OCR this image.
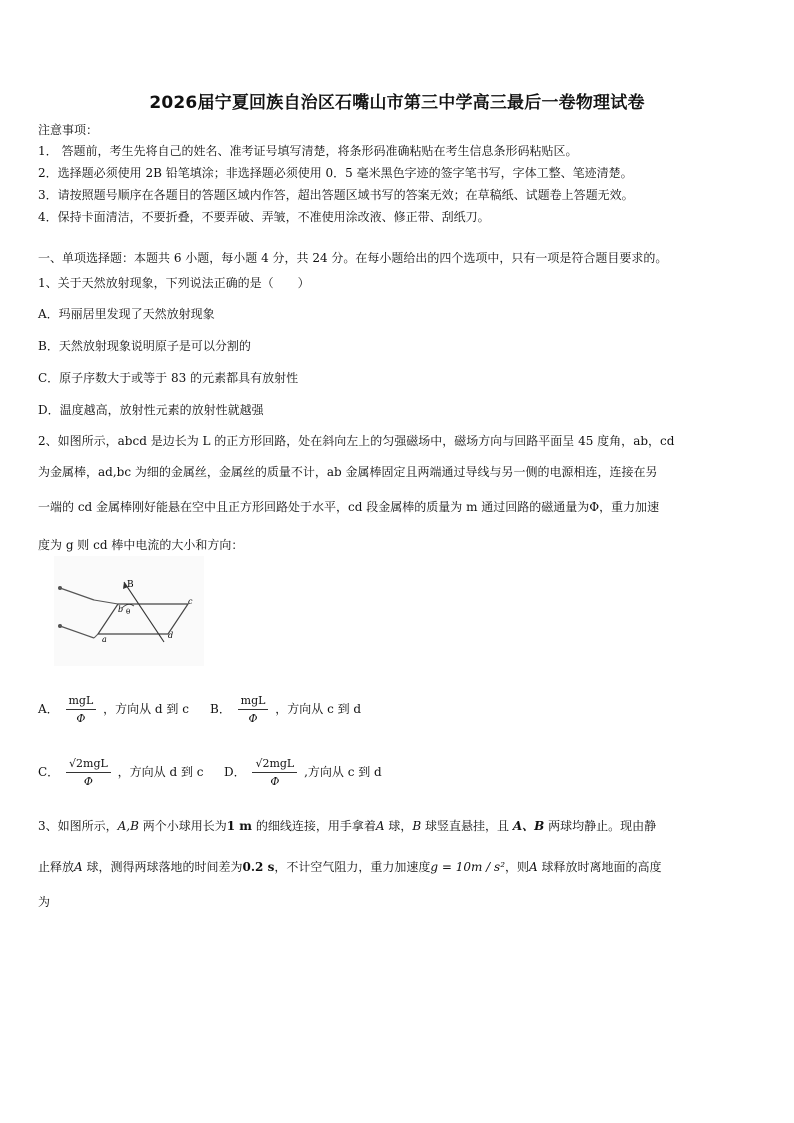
2026届宁夏回族自治区石嘴山市第三中学高三最后一卷物理试卷
注意事项：
1． 答题前，考生先将自己的姓名、准考证号填写清楚，将条形码准确粘贴在考生信息条形码粘贴区。
2．选择题必须使用 2B 铅笔填涂；非选择题必须使用 0．5 毫米黑色字迹的签字笔书写，字体工整、笔迹清楚。
3．请按照题号顺序在各题目的答题区域内作答，超出答题区域书写的答案无效；在草稿纸、试题卷上答题无效。
4．保持卡面清洁，不要折叠，不要弄破、弄皱，不准使用涂改液、修正带、刮纸刀。
一、单项选择题：本题共 6 小题，每小题 4 分，共 24 分。在每小题给出的四个选项中，只有一项是符合题目要求的。
1、关于天然放射现象，下列说法正确的是（　　）
A．玛丽居里发现了天然放射现象
B．天然放射现象说明原子是可以分割的
C．原子序数大于或等于 83 的元素都具有放射性
D．温度越高，放射性元素的放射性就越强
2、如图所示，abcd 是边长为 L 的正方形回路，处在斜向左上的匀强磁场中，磁场方向与回路平面呈 45 度角，ab，cd
为金属棒，ad,bc 为细的金属丝，金属丝的质量不计，ab 金属棒固定且两端通过导线与另一侧的电源相连，连接在另
一端的 cd 金属棒刚好能悬在空中且正方形回路处于水平，cd 段金属棒的质量为 m 通过回路的磁通量为Φ，重力加速
度为 g 则 cd 棒中电流的大小和方向：
B
θ
a
b
c
d
A． $\frac{\text{mgL}}{\Phi}$ ，方向从 d 到 c B． $\frac{\text{mgL}}{\Phi}$ ，方向从 c 到 d
C． $\frac{\text{√2mgL}}{\Phi}$ ，方向从 d 到 c D． $\frac{\text{√2mgL}}{\Phi}$ ,方向从 c 到 d
3、如图所示，A,B 两个小球用长为1 m 的细线连接，用手拿着A 球，B 球竖直悬挂，且 A、B 两球均静止。现由静
止释放A 球，测得两球落地的时间差为0.2 s，不计空气阻力，重力加速度g = 10m / s²，则A 球释放时离地面的高度
为
